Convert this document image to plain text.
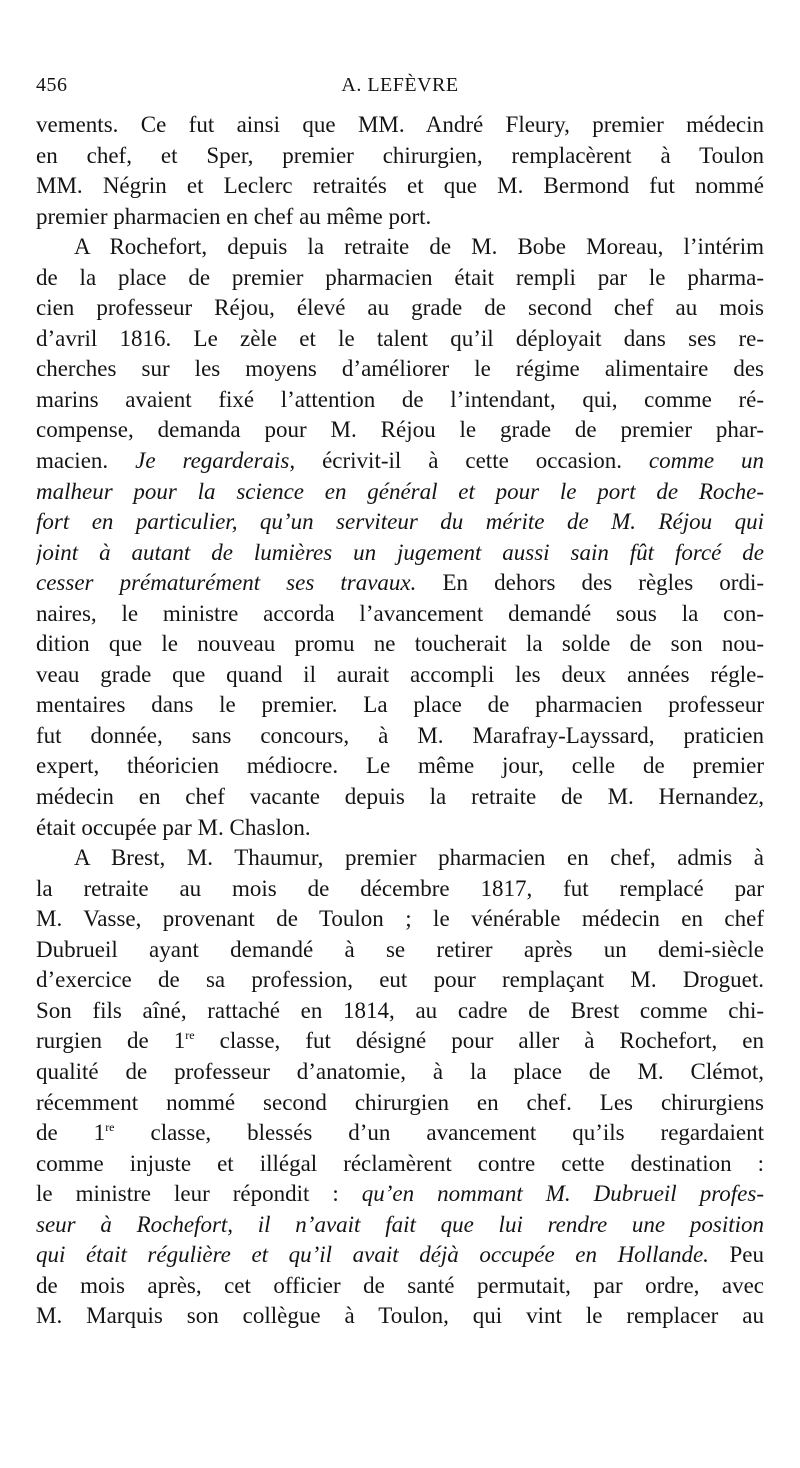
456	A. LEFÈVRE
vements. Ce fut ainsi que MM. André Fleury, premier médecin
en chef, et Sper, premier chirurgien, remplacèrent à Toulon
MM. Négrin et Leclerc retraités et que M. Bermond fut nommé
premier pharmacien en chef au même port.
A Rochefort, depuis la retraite de M. Bobe Moreau, l’intérim
de la place de premier pharmacien était rempli par le pharma-
cien professeur Réjou, élevé au grade de second chef au mois
d’avril 1816. Le zèle et le talent qu’il déployait dans ses re-
cherches sur les moyens d’améliorer le régime alimentaire des
marins avaient fixé l’attention de l’intendant, qui, comme ré-
compense, demanda pour M. Réjou le grade de premier phar-
macien. Je regarderais, écrivit-il à cette occasion. comme un
malheur pour la science en général et pour le port de Roche-
fort en particulier, qu’un serviteur du mérite de M. Réjou qui
joint à autant de lumières un jugement aussi sain fût forcé de
cesser prématurément ses travaux. En dehors des règles ordi-
naires, le ministre accorda l’avancement demandé sous la con-
dition que le nouveau promu ne toucherait la solde de son nou-
veau grade que quand il aurait accompli les deux années régle-
mentaires dans le premier. La place de pharmacien professeur
fut donnée, sans concours, à M. Marafray-Layssard, praticien
expert, théoricien médiocre. Le même jour, celle de premier
médecin en chef vacante depuis la retraite de M. Hernandez,
était occupée par M. Chaslon.
A Brest, M. Thaumur, premier pharmacien en chef, admis à
la retraite au mois de décembre 1817, fut remplacé par
M. Vasse, provenant de Toulon ; le vénérable médecin en chef
Dubrueil ayant demandé à se retirer après un demi-siècle
d’exercice de sa profession, eut pour remplaçant M. Droguet.
Son fils aîné, rattaché en 1814, au cadre de Brest comme chi-
rurgien de 1re classe, fut désigné pour aller à Rochefort, en
qualité de professeur d’anatomie, à la place de M. Clémot,
récemment nommé second chirurgien en chef. Les chirurgiens
de 1re classe, blessés d’un avancement qu’ils regardaient
comme injuste et illégal réclamèrent contre cette destination :
le ministre leur répondit : qu’en nommant M. Dubrueil profes-
seur à Rochefort, il n’avait fait que lui rendre une position
qui était régulière et qu’il avait déjà occupée en Hollande. Peu
de mois après, cet officier de santé permutait, par ordre, avec
M. Marquis son collègue à Toulon, qui vint le remplacer au
